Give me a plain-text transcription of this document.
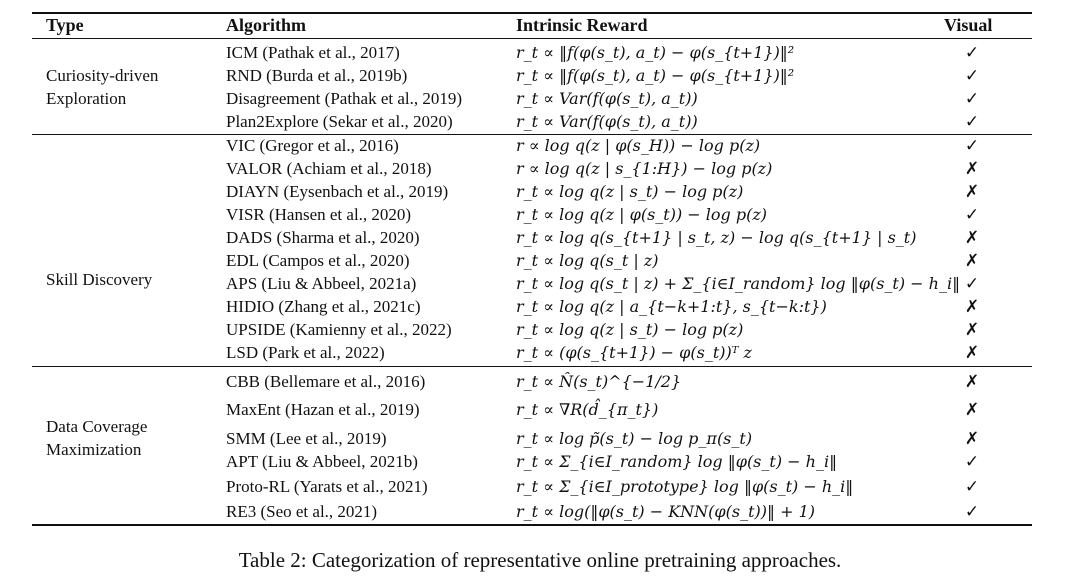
Type	Algorithm	Intrinsic Reward	Visual
Curiosity-driven
Exploration
ICM (Pathak et al., 2017)	r_t ∝ ‖f(φ(s_t), a_t) − φ(s_{t+1})‖²	✓
RND (Burda et al., 2019b)	r_t ∝ ‖f(φ(s_t), a_t) − φ(s_{t+1})‖²	✓
Disagreement (Pathak et al., 2019)	r_t ∝ Var(f(φ(s_t), a_t))	✓
Plan2Explore (Sekar et al., 2020)	r_t ∝ Var(f(φ(s_t), a_t))	✓
Skill Discovery
VIC (Gregor et al., 2016)	r ∝ log q(z | φ(s_H)) − log p(z)	✓
VALOR (Achiam et al., 2018)	r ∝ log q(z | s_{1:H}) − log p(z)	✗
DIAYN (Eysenbach et al., 2019)	r_t ∝ log q(z | s_t) − log p(z)	✗
VISR (Hansen et al., 2020)	r_t ∝ log q(z | φ(s_t)) − log p(z)	✓
DADS (Sharma et al., 2020)	r_t ∝ log q(s_{t+1} | s_t, z) − log q(s_{t+1} | s_t)	✗
EDL (Campos et al., 2020)	r_t ∝ log q(s_t | z)	✗
APS (Liu & Abbeel, 2021a)	r_t ∝ log q(s_t | z) + Σ_{i∈I_random} log ‖φ(s_t) − h_i‖ ✓
HIDIO (Zhang et al., 2021c)	r_t ∝ log q(z | a_{t−k+1:t}, s_{t−k:t})	✗
UPSIDE (Kamienny et al., 2022)	r_t ∝ log q(z | s_t) − log p(z)	✗
LSD (Park et al., 2022)	r_t ∝ (φ(s_{t+1}) − φ(s_t))ᵀ z	✗
Data Coverage
Maximization
CBB (Bellemare et al., 2016)	r_t ∝ N̂(s_t)^{−1/2}	✗
MaxEnt (Hazan et al., 2019)	r_t ∝ ∇R(d̂_{π_t})	✗
SMM (Lee et al., 2019)	r_t ∝ log p̃(s_t) − log p_π(s_t)	✗
APT (Liu & Abbeel, 2021b)	r_t ∝ Σ_{i∈I_random} log ‖φ(s_t) − h_i‖	✓
Proto-RL (Yarats et al., 2021)	r_t ∝ Σ_{i∈I_prototype} log ‖φ(s_t) − h_i‖	✓
RE3 (Seo et al., 2021)	r_t ∝ log(‖φ(s_t) − KNN(φ(s_t))‖ + 1)	✓
Table 2: Categorization of representative online pretraining approaches.
